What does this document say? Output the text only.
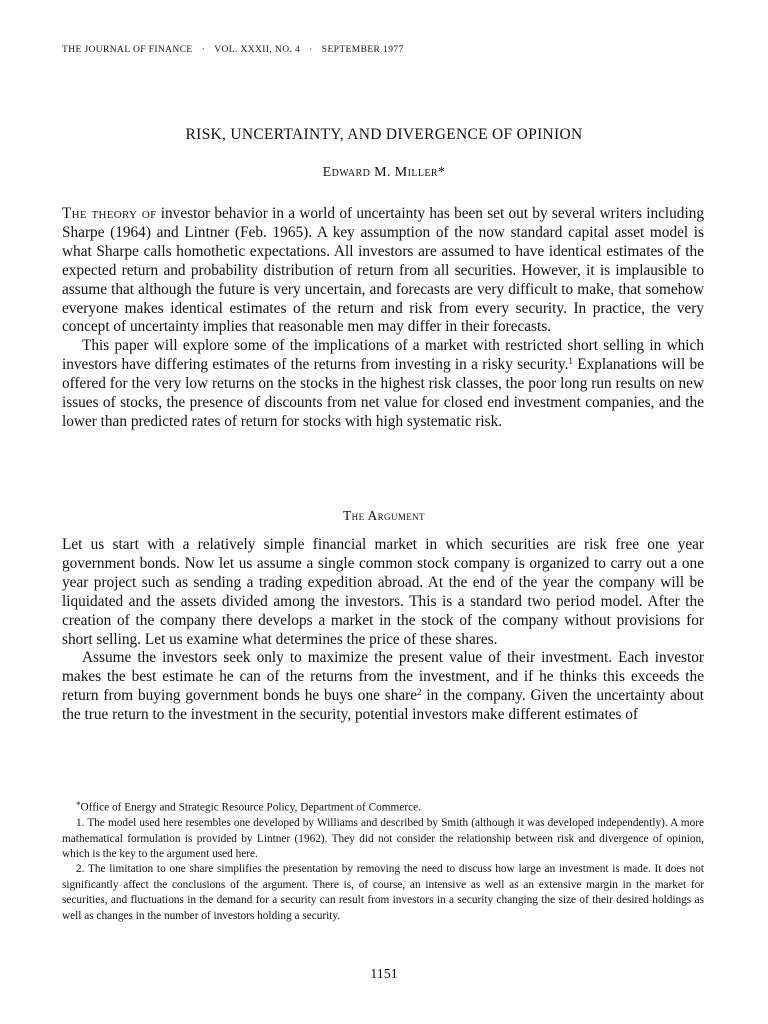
THE JOURNAL OF FINANCE · VOL. XXXII, NO. 4 · SEPTEMBER 1977
RISK, UNCERTAINTY, AND DIVERGENCE OF OPINION
Edward M. Miller*

The theory of investor behavior in a world of uncertainty has been set out by several writers including Sharpe (1964) and Lintner (Feb. 1965). A key assumption of the now standard capital asset model is what Sharpe calls homothetic expectations. All investors are assumed to have identical estimates of the expected return and probability distribution of return from all securities. However, it is implausible to assume that although the future is very uncertain, and forecasts are very difficult to make, that somehow everyone makes identical estimates of the return and risk from every security. In practice, the very concept of uncertainty implies that reasonable men may differ in their forecasts.

This paper will explore some of the implications of a market with restricted short selling in which investors have differing estimates of the returns from investing in a risky security.$^1$ Explanations will be offered for the very low returns on the stocks in the highest risk classes, the poor long run results on new issues of stocks, the presence of discounts from net value for closed end investment companies, and the lower than predicted rates of return for stocks with high systematic risk.

The Argument

Let us start with a relatively simple financial market in which securities are risk free one year government bonds. Now let us assume a single common stock company is organized to carry out a one year project such as sending a trading expedition abroad. At the end of the year the company will be liquidated and the assets divided among the investors. This is a standard two period model. After the creation of the company there develops a market in the stock of the company without provisions for short selling. Let us examine what determines the price of these shares.

Assume the investors seek only to maximize the present value of their investment. Each investor makes the best estimate he can of the returns from the investment, and if he thinks this exceeds the return from buying government bonds he buys one share$^2$ in the company. Given the uncertainty about the true return to the investment in the security, potential investors make different estimates of

*Office of Energy and Strategic Resource Policy, Department of Commerce.

1. The model used here resembles one developed by Williams and described by Smith (although it was developed independently). A more mathematical formulation is provided by Lintner (1962). They did not consider the relationship between risk and divergence of opinion, which is the key to the argument used here.

2. The limitation to one share simplifies the presentation by removing the need to discuss how large an investment is made. It does not significantly affect the conclusions of the argument. There is, of course, an intensive as well as an extensive margin in the market for securities, and fluctuations in the demand for a security can result from investors in a security changing the size of their desired holdings as well as changes in the number of investors holding a security.

1151
